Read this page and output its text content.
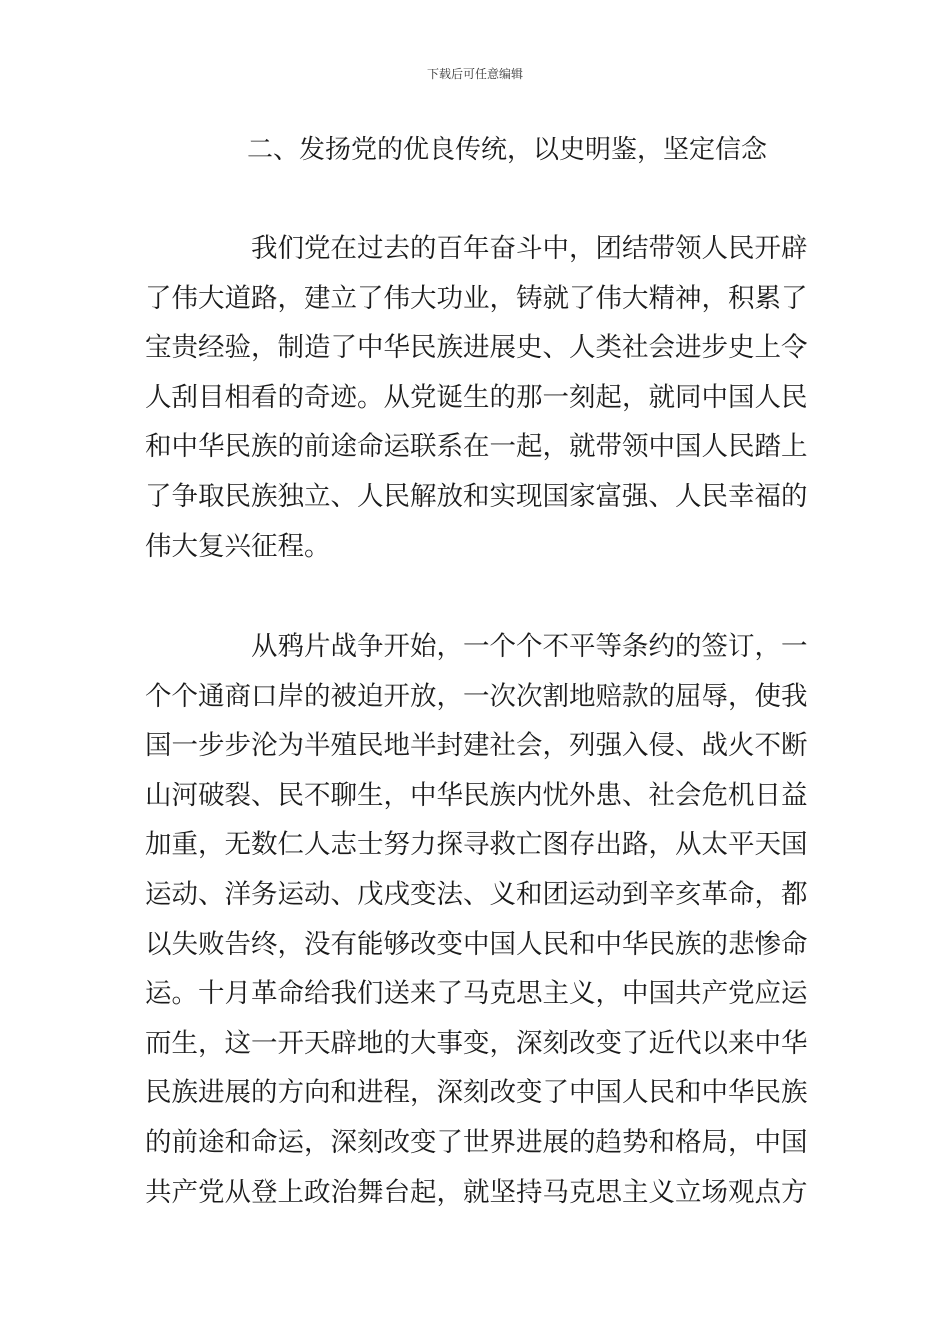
下载后可任意编辑
二、发扬党的优良传统，以史明鉴，坚定信念
我们党在过去的百年奋斗中，团结带领人民开辟
了伟大道路，建立了伟大功业，铸就了伟大精神，积累了
宝贵经验，制造了中华民族进展史、人类社会进步史上令
人刮目相看的奇迹。从党诞生的那一刻起，就同中国人民
和中华民族的前途命运联系在一起，就带领中国人民踏上
了争取民族独立、人民解放和实现国家富强、人民幸福的
伟大复兴征程。
从鸦片战争开始，一个个不平等条约的签订，一
个个通商口岸的被迫开放，一次次割地赔款的屈辱，使我
国一步步沦为半殖民地半封建社会，列强入侵、战火不断
山河破裂、民不聊生，中华民族内忧外患、社会危机日益
加重，无数仁人志士努力探寻救亡图存出路，从太平天国
运动、洋务运动、戊戌变法、义和团运动到辛亥革命，都
以失败告终，没有能够改变中国人民和中华民族的悲惨命
运。十月革命给我们送来了马克思主义，中国共产党应运
而生，这一开天辟地的大事变，深刻改变了近代以来中华
民族进展的方向和进程，深刻改变了中国人民和中华民族
的前途和命运，深刻改变了世界进展的趋势和格局，中国
共产党从登上政治舞台起，就坚持马克思主义立场观点方
